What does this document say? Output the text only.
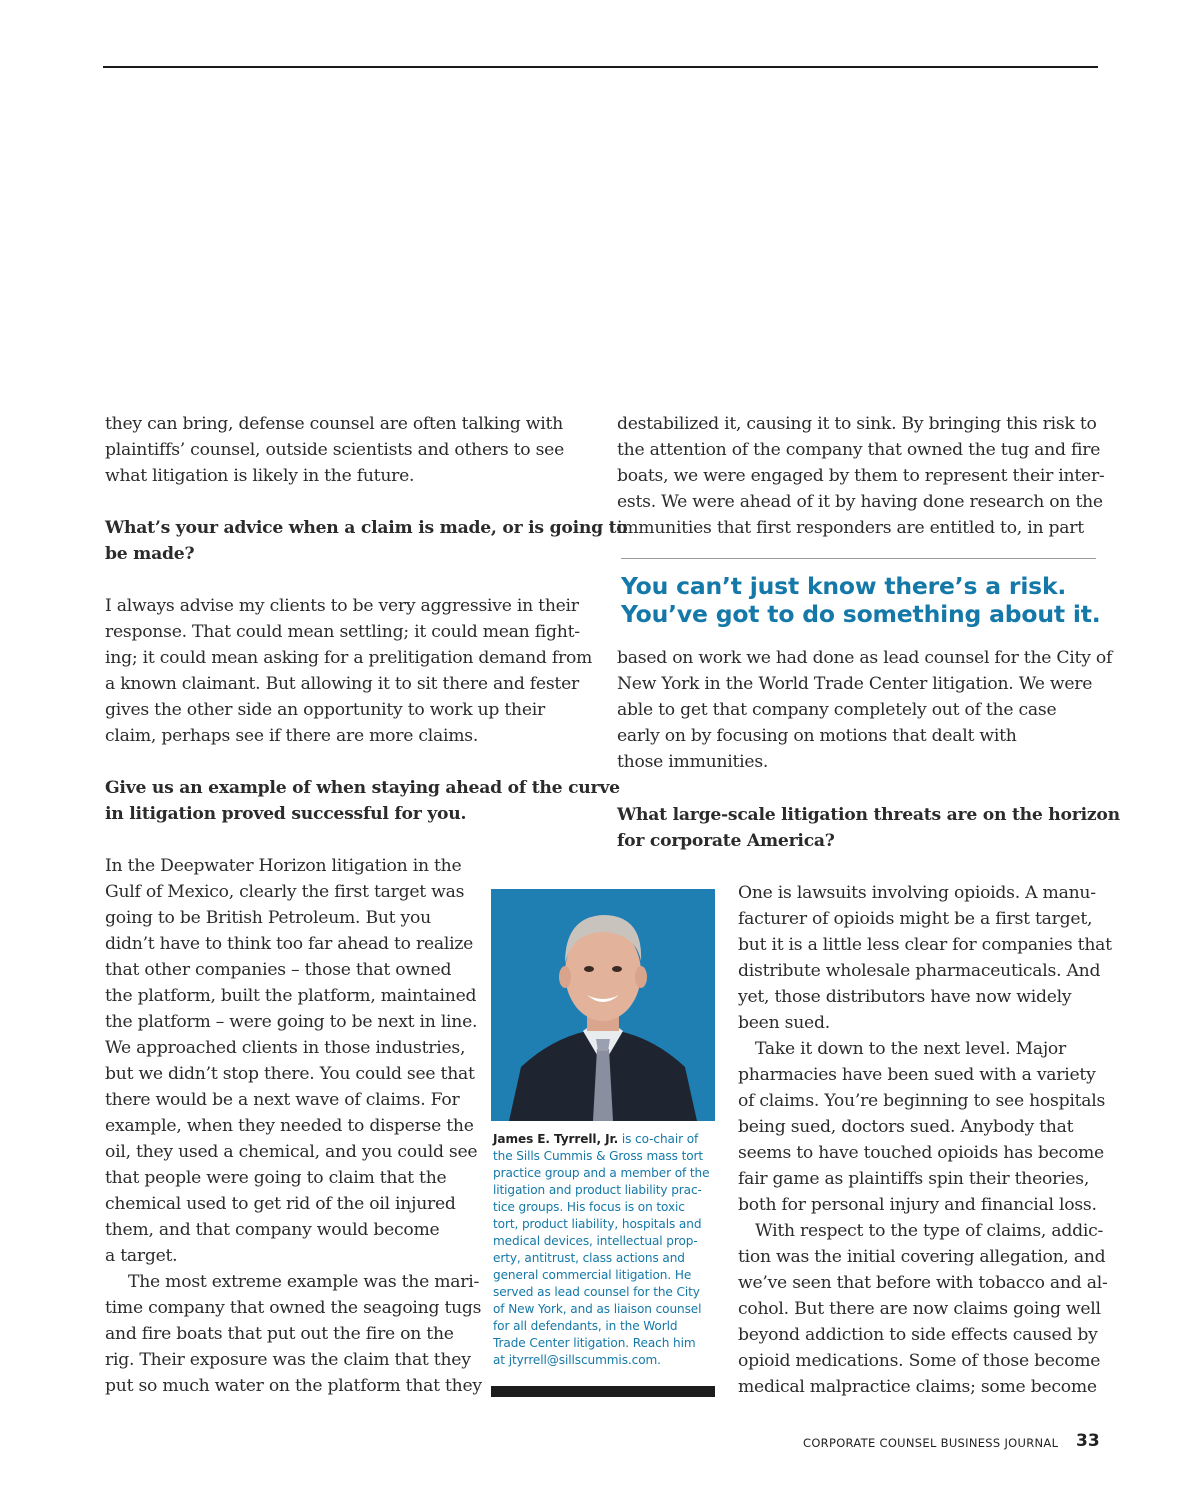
they can bring, defense counsel are often talking with
plaintiffs’ counsel, outside scientists and others to see
what litigation is likely in the future.
What’s your advice when a claim is made, or is going to
be made?
I always advise my clients to be very aggressive in their
response. That could mean settling; it could mean fight-
ing; it could mean asking for a prelitigation demand from
a known claimant. But allowing it to sit there and fester
gives the other side an opportunity to work up their
claim, perhaps see if there are more claims.
Give us an example of when staying ahead of the curve
in litigation proved successful for you.
In the Deepwater Horizon litigation in the
Gulf of Mexico, clearly the first target was
going to be British Petroleum. But you
didn’t have to think too far ahead to realize
that other companies – those that owned
the platform, built the platform, maintained
the platform – were going to be next in line.
We approached clients in those industries,
but we didn’t stop there. You could see that
there would be a next wave of claims. For
example, when they needed to disperse the
oil, they used a chemical, and you could see
that people were going to claim that the
chemical used to get rid of the oil injured
them, and that company would become
a target.
The most extreme example was the mari-
time company that owned the seagoing tugs
and fire boats that put out the fire on the
rig. Their exposure was the claim that they
put so much water on the platform that they
destabilized it, causing it to sink. By bringing this risk to
the attention of the company that owned the tug and fire
boats, we were engaged by them to represent their inter-
ests. We were ahead of it by having done research on the
immunities that first responders are entitled to, in part
You can’t just know there’s a risk.
You’ve got to do something about it.
based on work we had done as lead counsel for the City of
New York in the World Trade Center litigation. We were
able to get that company completely out of the case
early on by focusing on motions that dealt with
those immunities.
What large-scale litigation threats are on the horizon
for corporate America?
James E. Tyrrell, Jr. is co-chair of
the Sills Cummis & Gross mass tort
practice group and a member of the
litigation and product liability prac-
tice groups. His focus is on toxic
tort, product liability, hospitals and
medical devices, intellectual prop-
erty, antitrust, class actions and
general commercial litigation. He
served as lead counsel for the City
of New York, and as liaison counsel
for all defendants, in the World
Trade Center litigation. Reach him
at jtyrrell@sillscummis.com.
One is lawsuits involving opioids. A manu-
facturer of opioids might be a first target,
but it is a little less clear for companies that
distribute wholesale pharmaceuticals. And
yet, those distributors have now widely
been sued.
Take it down to the next level. Major
pharmacies have been sued with a variety
of claims. You’re beginning to see hospitals
being sued, doctors sued. Anybody that
seems to have touched opioids has become
fair game as plaintiffs spin their theories,
both for personal injury and financial loss.
With respect to the type of claims, addic-
tion was the initial covering allegation, and
we’ve seen that before with tobacco and al-
cohol. But there are now claims going well
beyond addiction to side effects caused by
opioid medications. Some of those become
medical malpractice claims; some become
CORPORATE COUNSEL BUSINESS JOURNAL 33
